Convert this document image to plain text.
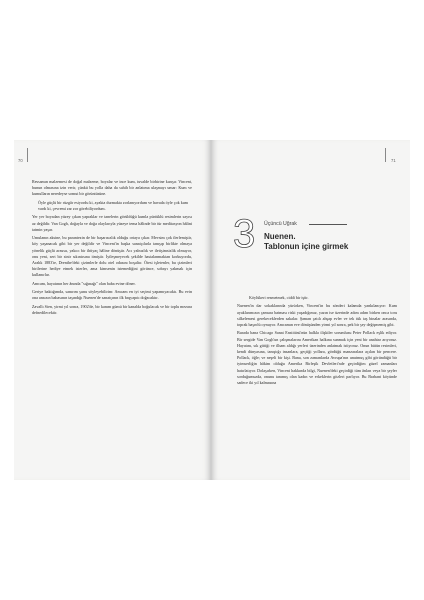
70

Ressamın malzemesi de doğal malzeme, boyalar ve ince kum, tuvalde birbirine karışır. Vincent, bunun olmasına izin verir, çünkü bu yolla daha da sahih bir anlatıma ulaşmayı umar: Kum ve kumulların neredeyse somut bir görüntüsüne.

Öyle güçlü bir rüzgâr esiyordu ki, ayakta durmakta zorlanıyordum ve havada öyle çok kum vardı ki, çevremi zar zor görebiliyordum.

Yer yer boyadan yüzey çıkan yapraklar ve tanelerin görüldüğü kumla pürtüklü resimlerin sayısı az değildir. Van Gogh, doğayla ve doğa olaylarıyla yüzeye tema hâlinde bir tür meditasyon hâlini tatmin yaşar.

Umulanın aksine, bu parantezin de bir başarısızlık olduğu ortaya çıkar. Mevsim çok ilerlemiştir, köy yaşanacak gibi bir yer değildir ve Vincent'in başka sanatçılarla tanışıp birlikte olmaya yönelik güçlü arzusu, yakıcı bir ihtiyaç hâline dönüşür. Acı yalnızlık ve iletişimsizlik olmuyor, onu yeni, sert bir sinir sıkıntısına itmiştir. İyileşmeyecek şekilde hastalanmaktan korkuyordu, Aralık 1883'te, Drenthe'deki çizimlerle dolu otel odasını boşaltır. Ötesi işletenler, bu çizimleri birilerine hediye etmek isterler, ama kimsenin istemediğini görünce, sobayı yakmak için kullanırlar.

Amcam, hayatının her ânında "sığınağı" olan baba evine döner.

Geriye baktığımda, sanırım şunu söyleyebilirim: Amcam en iyi seçimi yapamıyacaktı. Bu evin ona ansızın babasının taşındığı Nuenen'de sanatçının ilk başyapıtı doğacaktır.

Zavallı Sien, yirmi yıl sonra, 1902'de, bir kanım gümü bir kanalda boğulacak ve bir toplu mezara defnedilecektir.

71
3 Üçüncü Uğrak
Nuenen.
Tablonun içine girmek

Köylükeri resmetmek, ciddi bir iştir.

Nuenen'in dar sokaklarında yürürken, Vincent'in bu sönderi kalamda yankılanıyor: Kum ayaklarımızın çamura batması riski yaşadığımız, yazın ise üzerinde adım adım birken onca toru silkelemesi gerekeceklerden sakalar. Şaman çatılı ahşap evler ve tek tük taş binalar arasında, toprak başrolü oynuyor. Amcamın eve dönüşünden yirmi yıl sonra, pek bir şey değişmemiş gibi.

Burada bana Chicago Sanat Enstitüsü'nün halkla ilişkiler sorumlusu Peter Pollack eşlik ediyor. Bir sergide Van Gogh'un çalışmalarını Amerikan halkına sunmak için yeni bir anahtar arıyoruz. Hayatını, sık gittiği ve ilham aldığı yerleri üzerinden anlatmak istiyoruz. Onun bütün resimleri, kendi dünyasına, tanıştığı insanlara, geçtiği yollara, gördüğü manzaralara açılan bir pencere. Pollack, öğle; ve neşeli bir kişi. Bana, son zamanlarda Avrupa'nın unutmuş gibi göründüğü bir iyimserliğin hâkim olduğu Amerika Birleşik Devletleri'nde geçirdiğim güzel zamanları hatırlatıyor. Dolaşırken, Vincent hakkında bilgi, Nuenen'deki geçirdiği tüm ânları veya bir şeyler sorduğumuzda, onunu tanımış olan kadın ve erkeklerin gözleri parlıyor. Bu Brabant köyünde sadece iki yıl kalmasına
